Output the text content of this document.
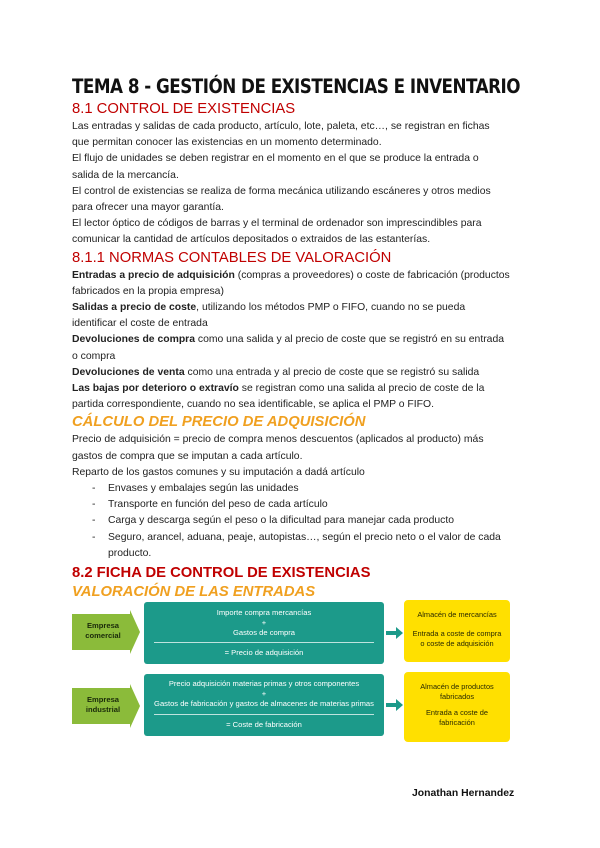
TEMA 8 - GESTIÓN DE EXISTENCIAS E INVENTARIO
8.1 CONTROL DE EXISTENCIAS

Las entradas y salidas de cada producto, artículo, lote, paleta, etc…, se registran en fichas

que permitan conocer las existencias en un momento determinado.

El flujo de unidades se deben registrar en el momento en el que se produce la entrada o

salida de la mercancía.

El control de existencias se realiza de forma mecánica utilizando escáneres y otros medios

para ofrecer una mayor garantía.

El lector óptico de códigos de barras y el terminal de ordenador son imprescindibles para

comunicar la cantidad de artículos depositados o extraidos de las estanterías.

8.1.1 NORMAS CONTABLES DE VALORACIÓN

Entradas a precio de adquisición (compras a proveedores) o coste de fabricación (productos

fabricados en la propia empresa)

Salidas a precio de coste, utilizando los métodos PMP o FIFO, cuando no se pueda

identificar el coste de entrada

Devoluciones de compra como una salida y al precio de coste que se registró en su entrada

o compra

Devoluciones de venta como una entrada y al precio de coste que se registró su salida

Las bajas por deterioro o extravío se registran como una salida al precio de coste de la

partida correspondiente, cuando no sea identificable, se aplica el PMP o FIFO.

CÁLCULO DEL PRECIO DE ADQUISICIÓN

Precio de adquisición = precio de compra menos descuentos (aplicados al producto) más

gastos de compra que se imputan a cada artículo.

Reparto de los gastos comunes y su imputación a dadá artículo

- Envases y embalajes según las unidades
- Transporte en función del peso de cada artículo
- Carga y descarga según el peso o la dificultad para manejar cada producto
- Seguro, arancel, aduana, peaje, autopistas…, según el precio neto o el valor de cada
producto.
8.2 FICHA DE CONTROL DE EXISTENCIAS
VALORACIÓN DE LAS ENTRADAS
Empresa
comercial
Importe compra mercancías
+
Gastos de compra
= Precio de adquisición
Almacén de mercancías
Entrada a coste de compra
o coste de adquisición
Empresa
industrial
Precio adquisición materias primas y otros componentes
+
Gastos de fabricación y gastos de almacenes de materias primas
= Coste de fabricación
Almacén de productos
fabricados
Entrada a coste de
fabricación
Jonathan Hernandez
